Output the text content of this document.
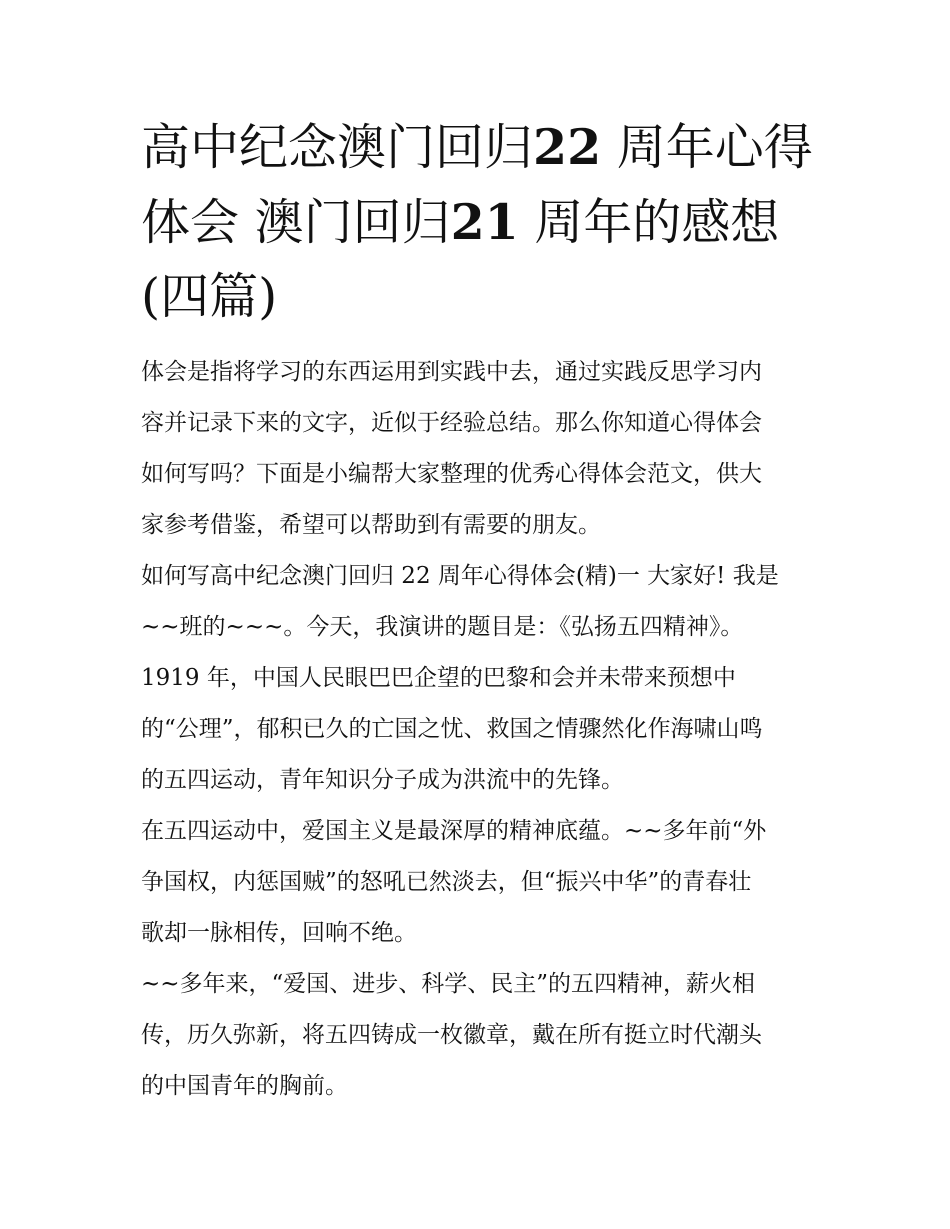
高中纪念澳门回归22 周年心得
体会 澳门回归21 周年的感想
(四篇)
体会是指将学习的东西运用到实践中去，通过实践反思学习内
容并记录下来的文字，近似于经验总结。那么你知道心得体会
如何写吗？下面是小编帮大家整理的优秀心得体会范文，供大
家参考借鉴，希望可以帮助到有需要的朋友。
如何写高中纪念澳门回归 22 周年心得体会(精)一 大家好! 我是
~~班的~~~。今天，我演讲的题目是：《弘扬五四精神》。
1919 年，中国人民眼巴巴企望的巴黎和会并未带来预想中
的“公理”，郁积已久的亡国之忧、救国之情骤然化作海啸山鸣
的五四运动，青年知识分子成为洪流中的先锋。
在五四运动中，爱国主义是最深厚的精神底蕴。~~多年前“外
争国权，内惩国贼”的怒吼已然淡去，但“振兴中华”的青春壮
歌却一脉相传，回响不绝。
~~多年来，“爱国、进步、科学、民主”的五四精神，薪火相
传，历久弥新，将五四铸成一枚徽章，戴在所有挺立时代潮头
的中国青年的胸前。
